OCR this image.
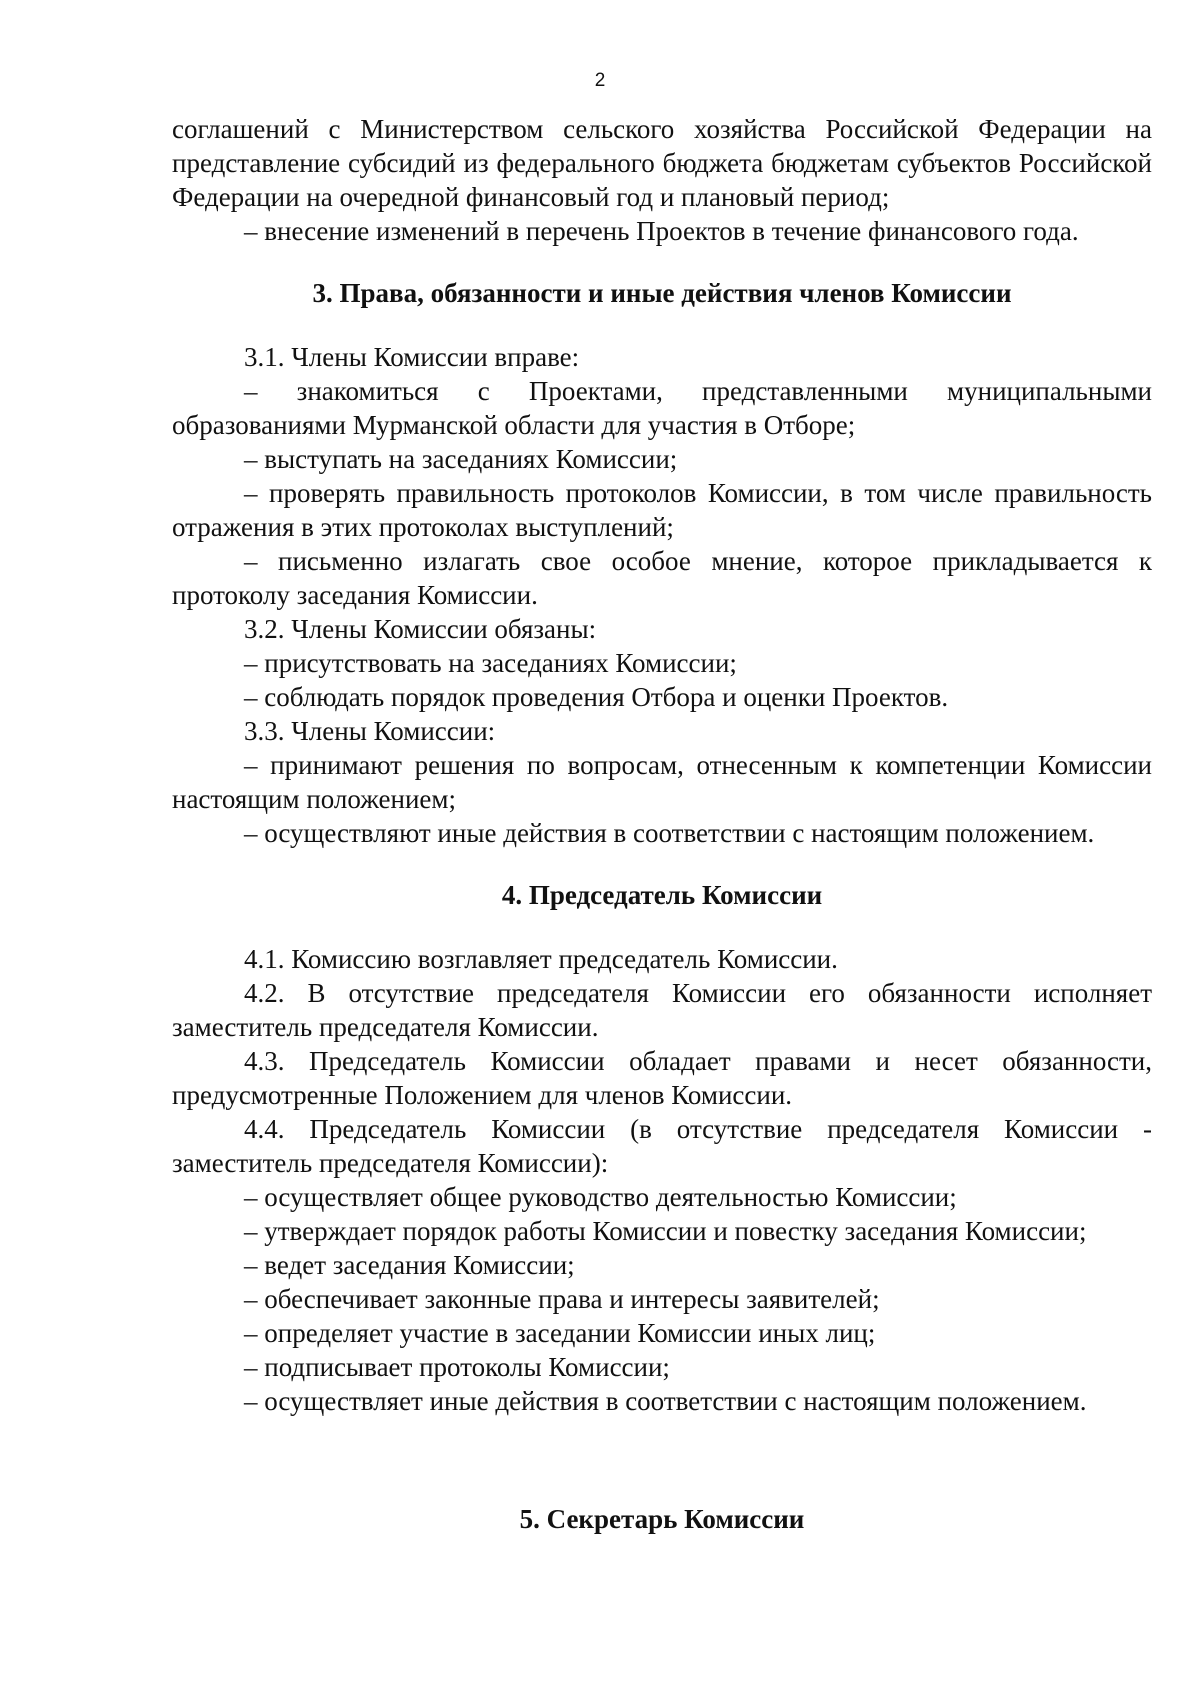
2

соглашений с Министерством сельского хозяйства Российской Федерации на представление субсидий из федерального бюджета бюджетам субъектов Российской Федерации на очередной финансовый год и плановый период;

– внесение изменений в перечень Проектов в течение финансового года.

3. Права, обязанности и иные действия членов Комиссии

3.1. Члены Комиссии вправе:

– знакомиться с Проектами, представленными муниципальными образованиями Мурманской области для участия в Отборе;

– выступать на заседаниях Комиссии;

– проверять правильность протоколов Комиссии, в том числе правильность отражения в этих протоколах выступлений;

– письменно излагать свое особое мнение, которое прикладывается к протоколу заседания Комиссии.

3.2. Члены Комиссии обязаны:

– присутствовать на заседаниях Комиссии;

– соблюдать порядок проведения Отбора и оценки Проектов.

3.3. Члены Комиссии:

– принимают решения по вопросам, отнесенным к компетенции Комиссии настоящим положением;

– осуществляют иные действия в соответствии с настоящим положением.

4. Председатель Комиссии

4.1. Комиссию возглавляет председатель Комиссии.

4.2. В отсутствие председателя Комиссии его обязанности исполняет заместитель председателя Комиссии.

4.3. Председатель Комиссии обладает правами и несет обязанности, предусмотренные Положением для членов Комиссии.

4.4. Председатель Комиссии (в отсутствие председателя Комиссии - заместитель председателя Комиссии):

– осуществляет общее руководство деятельностью Комиссии;

– утверждает порядок работы Комиссии и повестку заседания Комиссии;

– ведет заседания Комиссии;

– обеспечивает законные права и интересы заявителей;

– определяет участие в заседании Комиссии иных лиц;

– подписывает протоколы Комиссии;

– осуществляет иные действия в соответствии с настоящим положением.

5. Секретарь Комиссии
